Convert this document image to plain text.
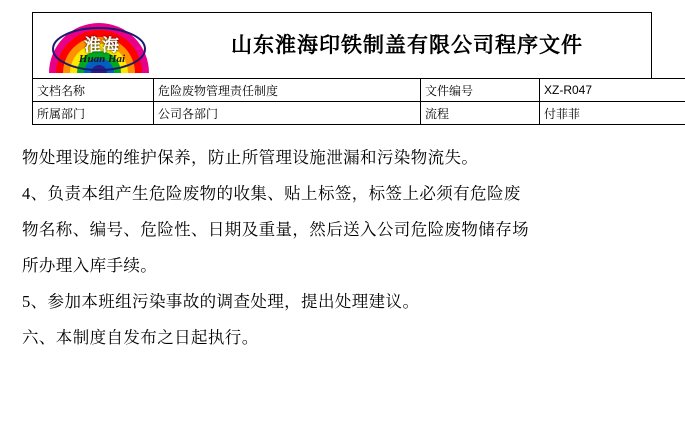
淮海
Huan Hai
山东淮海印铁制盖有限公司程序文件
文档名称	危险废物管理责任制度	文件编号	XZ-R047
所属部门	公司各部门	流程	付菲菲

物处理设施的维护保养，防止所管理设施泄漏和污染物流失。

4、负责本组产生危险废物的收集、贴上标签，标签上必须有危险废

物名称、编号、危险性、日期及重量，然后送入公司危险废物储存场

所办理入库手续。

5、参加本班组污染事故的调查处理，提出处理建议。

六、本制度自发布之日起执行。
